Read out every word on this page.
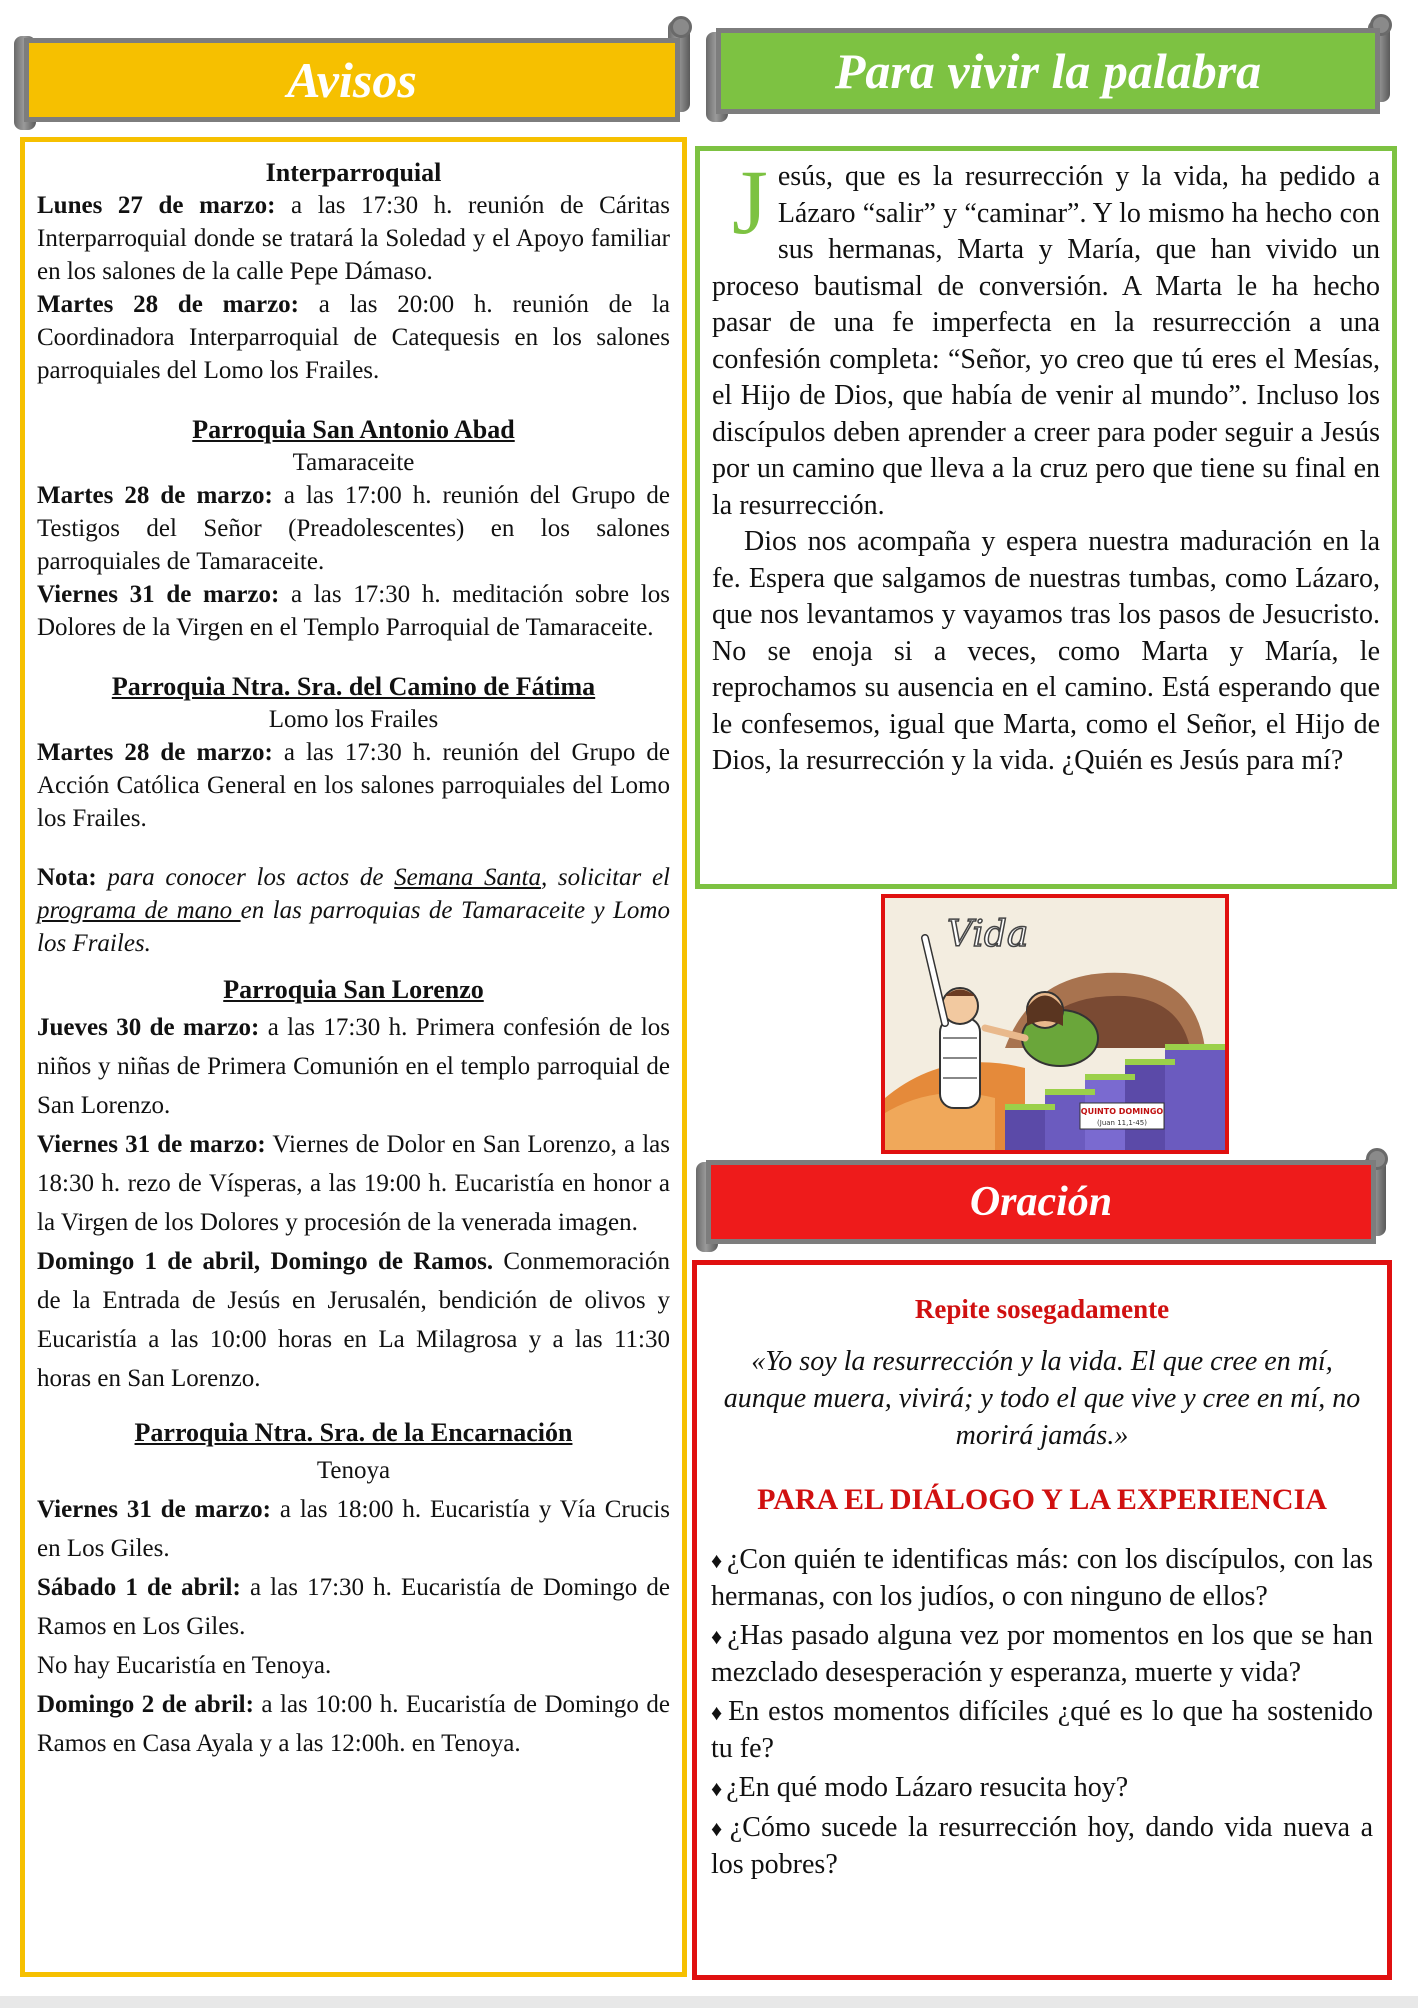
Avisos	Para vivir la palabra
Interparroquial

Lunes 27 de marzo: a las 17:30 h. reunión de Cáritas Interparroquial donde se tratará la Soledad y el Apoyo familiar en los salones de la calle Pepe Dámaso.

Martes 28 de marzo: a las 20:00 h. reunión de la Coordinadora Interparroquial de Catequesis en los salones parroquiales del Lomo los Frailes.

Parroquia San Antonio Abad
Tamaraceite

Martes 28 de marzo: a las 17:00 h. reunión del Grupo de Testigos del Señor (Preadolescentes) en los salones parroquiales de Tamaraceite.

Viernes 31 de marzo: a las 17:30 h. meditación sobre los Dolores de la Virgen en el Templo Parroquial de Tamaraceite.

Parroquia Ntra. Sra. del Camino de Fátima
Lomo los Frailes

Martes 28 de marzo: a las 17:30 h. reunión del Grupo de Acción Católica General en los salones parroquiales del Lomo los Frailes.

Nota: para conocer los actos de Semana Santa, solicitar el programa de mano en las parroquias de Tamaraceite y Lomo los Frailes.

Parroquia San Lorenzo

Jueves 30 de marzo: a las 17:30 h. Primera confesión de los niños y niñas de Primera Comunión en el templo parroquial de San Lorenzo.

Viernes 31 de marzo: Viernes de Dolor en San Lorenzo, a las 18:30 h. rezo de Vísperas, a las 19:00 h. Eucaristía en honor a la Virgen de los Dolores y procesión de la venerada imagen.

Domingo 1 de abril, Domingo de Ramos. Conmemoración de la Entrada de Jesús en Jerusalén, bendición de olivos y Eucaristía a las 10:00 horas en La Milagrosa y a las 11:30 horas en San Lorenzo.

Parroquia Ntra. Sra. de la Encarnación
Tenoya

Viernes 31 de marzo: a las 18:00 h. Eucaristía y Vía Crucis en Los Giles.

Sábado 1 de abril: a las 17:30 h. Eucaristía de Domingo de Ramos en Los Giles.

No hay Eucaristía en Tenoya.

Domingo 2 de abril: a las 10:00 h. Eucaristía de Domingo de Ramos en Casa Ayala y a las 12:00h. en Tenoya.

Jesús, que es la resurrección y la vida, ha pedido a Lázaro “salir” y “caminar”. Y lo mismo ha hecho con sus hermanas, Marta y María, que han vivido un proceso bautismal de conversión. A Marta le ha hecho pasar de una fe imperfecta en la resurrección a una confesión completa: “Señor, yo creo que tú eres el Mesías, el Hijo de Dios, que había de venir al mundo”. Incluso los discípulos deben aprender a creer para poder seguir a Jesús por un camino que lleva a la cruz pero que tiene su final en la resurrección.

Dios nos acompaña y espera nuestra maduración en la fe. Espera que salgamos de nuestras tumbas, como Lázaro, que nos levantamos y vayamos tras los pasos de Jesucristo. No se enoja si a veces, como Marta y María, le reprochamos su ausencia en el camino. Está esperando que le confesemos, igual que Marta, como el Señor, el Hijo de Dios, la resurrección y la vida. ¿Quién es Jesús para mí?

Vida
QUINTO DOMINGO
(Juan 11,1-45)
Oración
Repite sosegadamente
«Yo soy la resurrección y la vida. El que cree en mí, aunque muera, vivirá; y todo el que vive y cree en mí, no morirá jamás.»
PARA EL DIÁLOGO Y LA EXPERIENCIA
♦ ¿Con quién te identificas más: con los discípulos, con las hermanas, con los judíos, o con ninguno de ellos?
♦ ¿Has pasado alguna vez por momentos en los que se han mezclado desesperación y esperanza, muerte y vida?
♦ En estos momentos difíciles ¿qué es lo que ha sostenido tu fe?
♦ ¿En qué modo Lázaro resucita hoy?
♦ ¿Cómo sucede la resurrección hoy, dando vida nueva a los pobres?
